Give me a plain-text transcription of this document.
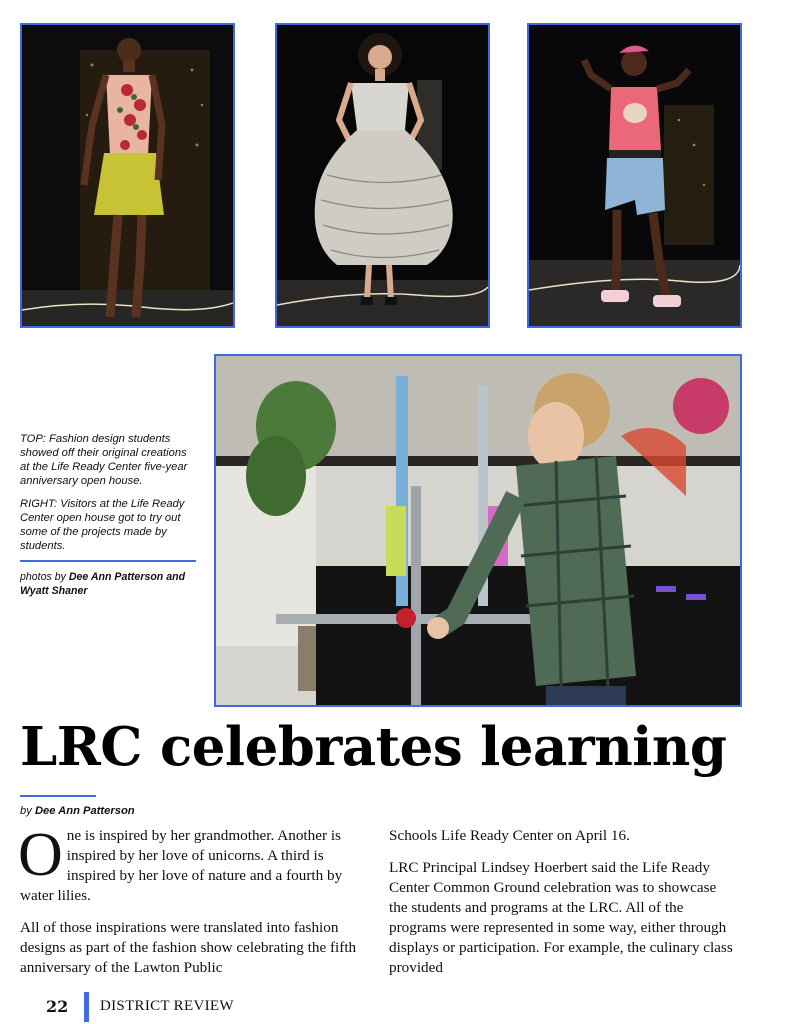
TOP: Fashion design students showed off their original creations at the Life Ready Center five-year anniversary open house.

RIGHT: Visitors at the Life Ready Center open house got to try out some of the projects made by students.

photos by Dee Ann Patterson and Wyatt Shaner
LRC celebrates learning
by Dee Ann Patterson

One is inspired by her grandmother. Another is inspired by her love of unicorns. A third is inspired by her love of nature and a fourth by water lilies.

All of those inspirations were translated into fashion designs as part of the fashion show celebrating the fifth anniversary of the Lawton Public

Schools Life Ready Center on April 16.

LRC Principal Lindsey Hoerbert said the Life Ready Center Common Ground celebration was to showcase the students and programs at the LRC. All of the programs were represented in some way, either through displays or participation. For example, the culinary class provided

22 DISTRICT REVIEW
